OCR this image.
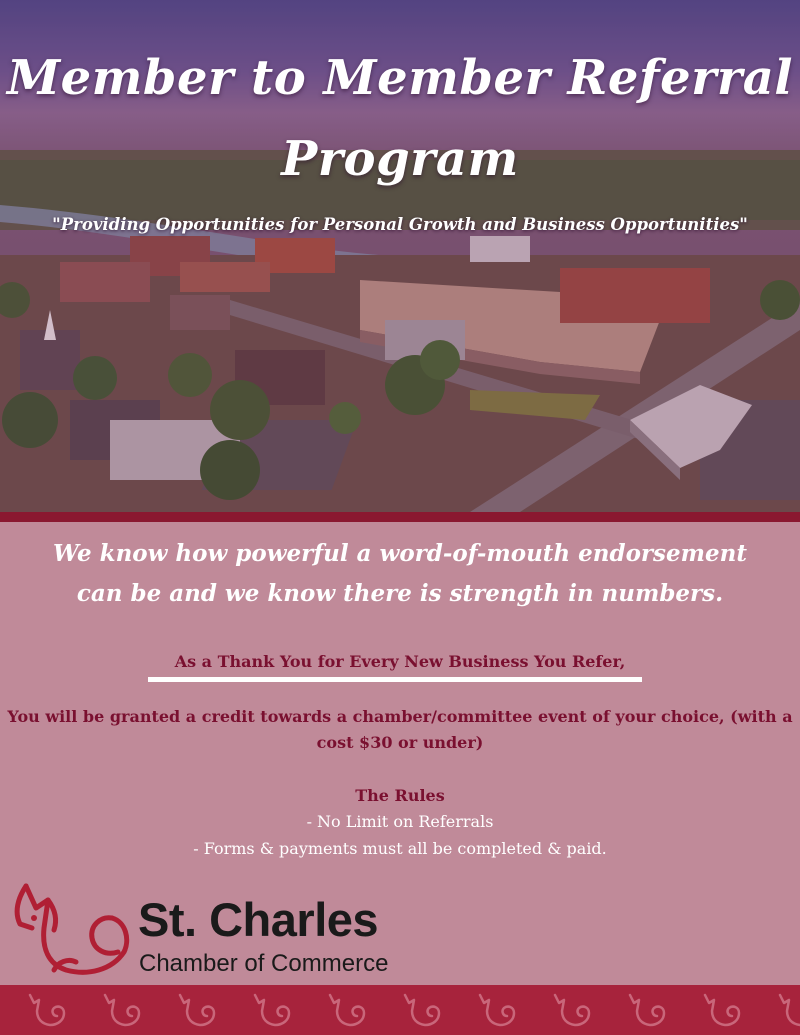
Member to Member Referral
Program

"Providing Opportunities for Personal Growth and Business Opportunities"

We know how powerful a word-of-mouth endorsement

can be and we know there is strength in numbers.

As a Thank You for Every New Business You Refer,

You will be granted a credit towards a chamber/committee event of your choice, (with a

cost $30 or under)

The Rules

- No Limit on Referrals

- Forms & payments must all be completed & paid.

St. Charles

Chamber of Commerce
